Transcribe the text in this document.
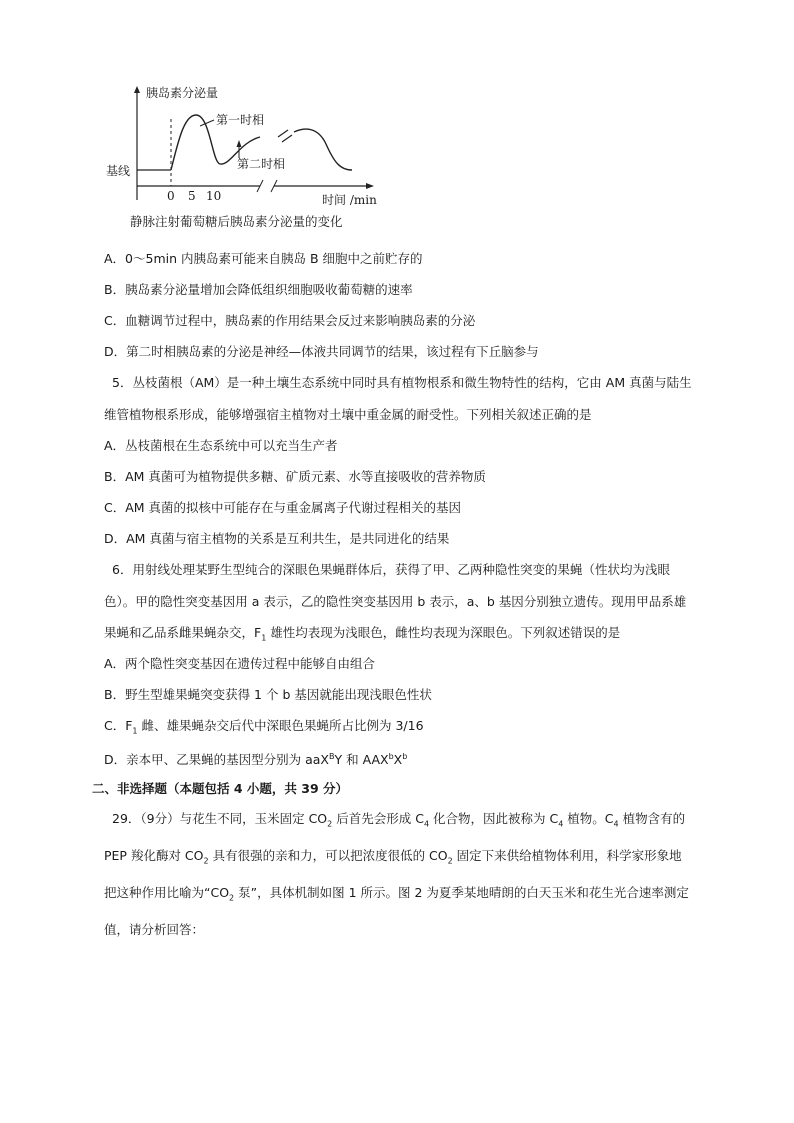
胰岛素分泌量
基线
第一时相
第二时相
0 5 10	时间 /min
静脉注射葡萄糖后胰岛素分泌量的变化
A．0～5min 内胰岛素可能来自胰岛 B 细胞中之前贮存的
B．胰岛素分泌量增加会降低组织细胞吸收葡萄糖的速率
C．血糖调节过程中，胰岛素的作用结果会反过来影响胰岛素的分泌
D．第二时相胰岛素的分泌是神经—体液共同调节的结果，该过程有下丘脑参与
5．丛枝菌根（AM）是一种土壤生态系统中同时具有植物根系和微生物特性的结构，它由 AM 真菌与陆生维管植物根系形成，能够增强宿主植物对土壤中重金属的耐受性。下列相关叙述正确的是
A．丛枝菌根在生态系统中可以充当生产者
B．AM 真菌可为植物提供多糖、矿质元素、水等直接吸收的营养物质
C．AM 真菌的拟核中可能存在与重金属离子代谢过程相关的基因
D．AM 真菌与宿主植物的关系是互利共生，是共同进化的结果
6．用射线处理某野生型纯合的深眼色果蝇群体后，获得了甲、乙两种隐性突变的果蝇（性状均为浅眼色）。甲的隐性突变基因用 a 表示，乙的隐性突变基因用 b 表示，a、b 基因分别独立遗传。现用甲品系雄果蝇和乙品系雌果蝇杂交，$F_1$ 雄性均表现为浅眼色，雌性均表现为深眼色。下列叙述错误的是
A．两个隐性突变基因在遗传过程中能够自由组合
B．野生型雄果蝇突变获得 1 个 b 基因就能出现浅眼色性状
C．$F_1$ 雌、雄果蝇杂交后代中深眼色果蝇所占比例为 3/16
D．亲本甲、乙果蝇的基因型分别为 aaX$^B$Y 和 $AAX^bX^b$
二、非选择题（本题包括 4 小题，共 39 分）
29．（9分）与花生不同，玉米固定 $CO_2$ 后首先会形成 $C_4$ 化合物，因此被称为 $C_4$ 植物。$C_4$ 植物含有的 PEP 羧化酶对 $CO_2$ 具有很强的亲和力，可以把浓度很低的 $CO_2$ 固定下来供给植物体利用，科学家形象地把这种作用比喻为“$CO_2$ 泵”，具体机制如图 1 所示。图 2 为夏季某地晴朗的白天玉米和花生光合速率测定值，请分析回答：
